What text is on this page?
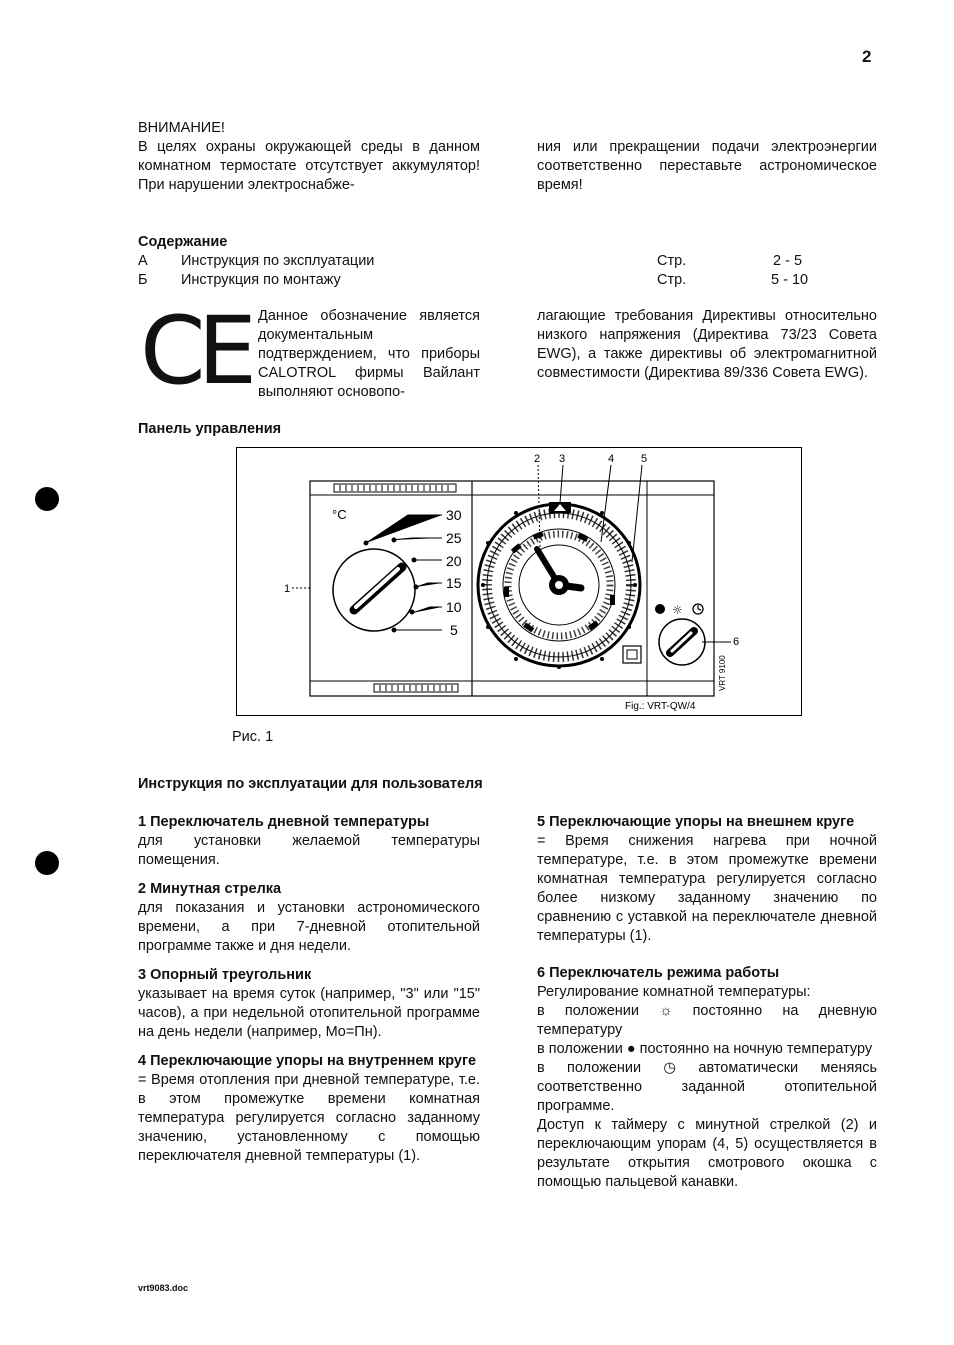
2
ВНИМАНИЕ!
В целях охраны окружающей среды в данном комнатном термостате отсутствует аккумулятор! При нарушении электроснабже-
ния или прекращении подачи электроэнергии соответственно переставьте астрономическое время!
Содержание
А Инструкция по эксплуатации	Стр.	2 - 5
Б Инструкция по монтажу	Стр.	5 - 10
CE Данное обозначение является документальным подтверждением, что приборы CALOTROL фирмы Вайлант выполняют основопо-
лагающие требования Директивы относительно низкого напряжения (Директива 73/23 Совета EWG), а также директивы об электромагнитной совместимости (Директива 89/336 Совета EWG).
Панель управления
°C	30
25
20
15
10
5
1
2 3	4 5
☼
6
VRT 9100
Fig.: VRT-QW/4
Рис. 1
Инструкция по эксплуатации для пользователя
1 Переключатель дневной температуры

для установки желаемой температуры помещения.

2 Минутная стрелка

для показания и установки астрономического времени, а при 7-дневной отопительной программе также и дня недели.

3 Опорный треугольник

указывает на время суток (например, "3" или "15" часов), а при недельной отопительной программе на день недели (например, Mo=Пн).

4 Переключающие упоры на внутреннем круге

= Время отопления при дневной температуре, т.е. в этом промежутке времени комнатная температура регулируется согласно заданному значению, установленному с помощью переключателя дневной температуры (1).

5 Переключающие упоры на внешнем круге

= Время снижения нагрева при ночной температуре, т.е. в этом промежутке времени комнатная температура регулируется согласно более низкому заданному значению по сравнению с уставкой на переключателе дневной температуры (1).

6 Переключатель режима работы

Регулирование комнатной температуры:

в положении ☼ постоянно на дневную температуру

в положении ● постоянно на ночную температуру

в положении ◷ автоматически меняясь соответственно заданной отопительной программе.

Доступ к таймеру с минутной стрелкой (2) и переключающим упорам (4, 5) осуществляется в результате открытия смотрового окошка с помощью пальцевой канавки.

vrt9083.doc
